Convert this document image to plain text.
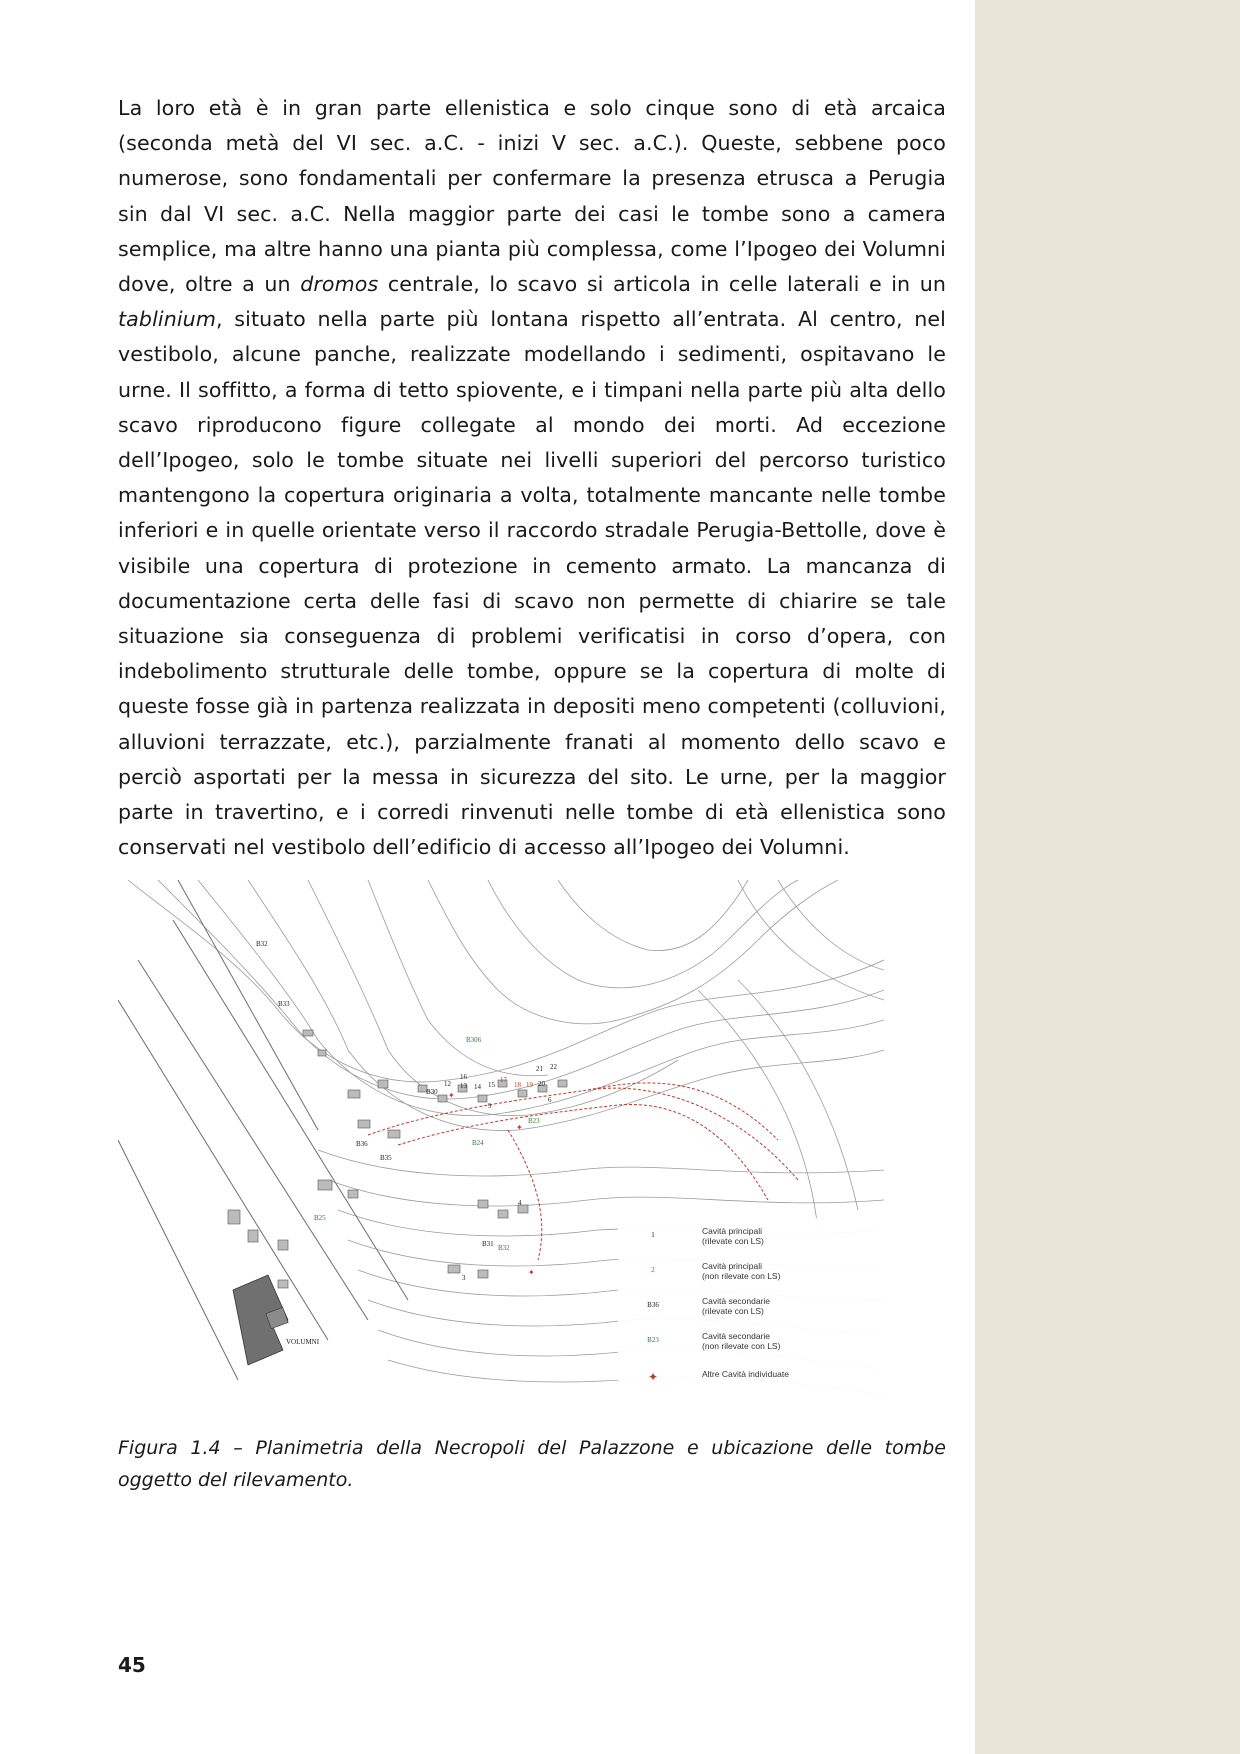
La loro età è in gran parte ellenistica e solo cinque sono di età arcaica (seconda metà del VI sec. a.C. - inizi V sec. a.C.). Queste, sebbene poco numerose, sono fondamentali per confermare la presenza etrusca a Perugia sin dal VI sec. a.C. Nella maggior parte dei casi le tombe sono a camera semplice, ma altre hanno una pianta più complessa, come l’Ipogeo dei Volumni dove, oltre a un dromos centrale, lo scavo si articola in celle laterali e in un tablinium, situato nella parte più lontana rispetto all’entrata. Al centro, nel vestibolo, alcune panche, realizzate modellando i sedimenti, ospitavano le urne. Il soffitto, a forma di tetto spiovente, e i timpani nella parte più alta dello scavo riproducono figure collegate al mondo dei morti. Ad eccezione dell’Ipogeo, solo le tombe situate nei livelli superiori del percorso turistico mantengono la copertura originaria a volta, totalmente mancante nelle tombe inferiori e in quelle orientate verso il raccordo stradale Perugia-Bettolle, dove è visibile una copertura di protezione in cemento armato. La mancanza di documentazione certa delle fasi di scavo non permette di chiarire se tale situazione sia conseguenza di problemi verificatisi in corso d’opera, con indebolimento strutturale delle tombe, oppure se la copertura di molte di queste fosse già in partenza realizzata in depositi meno competenti (colluvioni, alluvioni terrazzate, etc.), parzialmente franati al momento dello scavo e perciò asportati per la messa in sicurezza del sito. Le urne, per la maggior parte in travertino, e i corredi rinvenuti nelle tombe di età ellenistica sono conservati nel vestibolo dell’edificio di accesso all’Ipogeo dei Volumni.
VOLUMNI
B32
B33
B306
B30
12
16
13 14 15
17
18 19 20
21 22
6
9
B23
B24
B36
B35
B25
4
B31 B32
3
✦
✦
✦
1	Cavità principali
(rilevate con LS)
2	Cavità principali
(non rilevate con LS)
B36	Cavità secondarie
(rilevate con LS)
B23	Cavità secondarie
(non rilevate con LS)
✦	Altre Cavità individuate
Figura 1.4 – Planimetria della Necropoli del Palazzone e ubicazione delle tombe oggetto del rilevamento.
45
